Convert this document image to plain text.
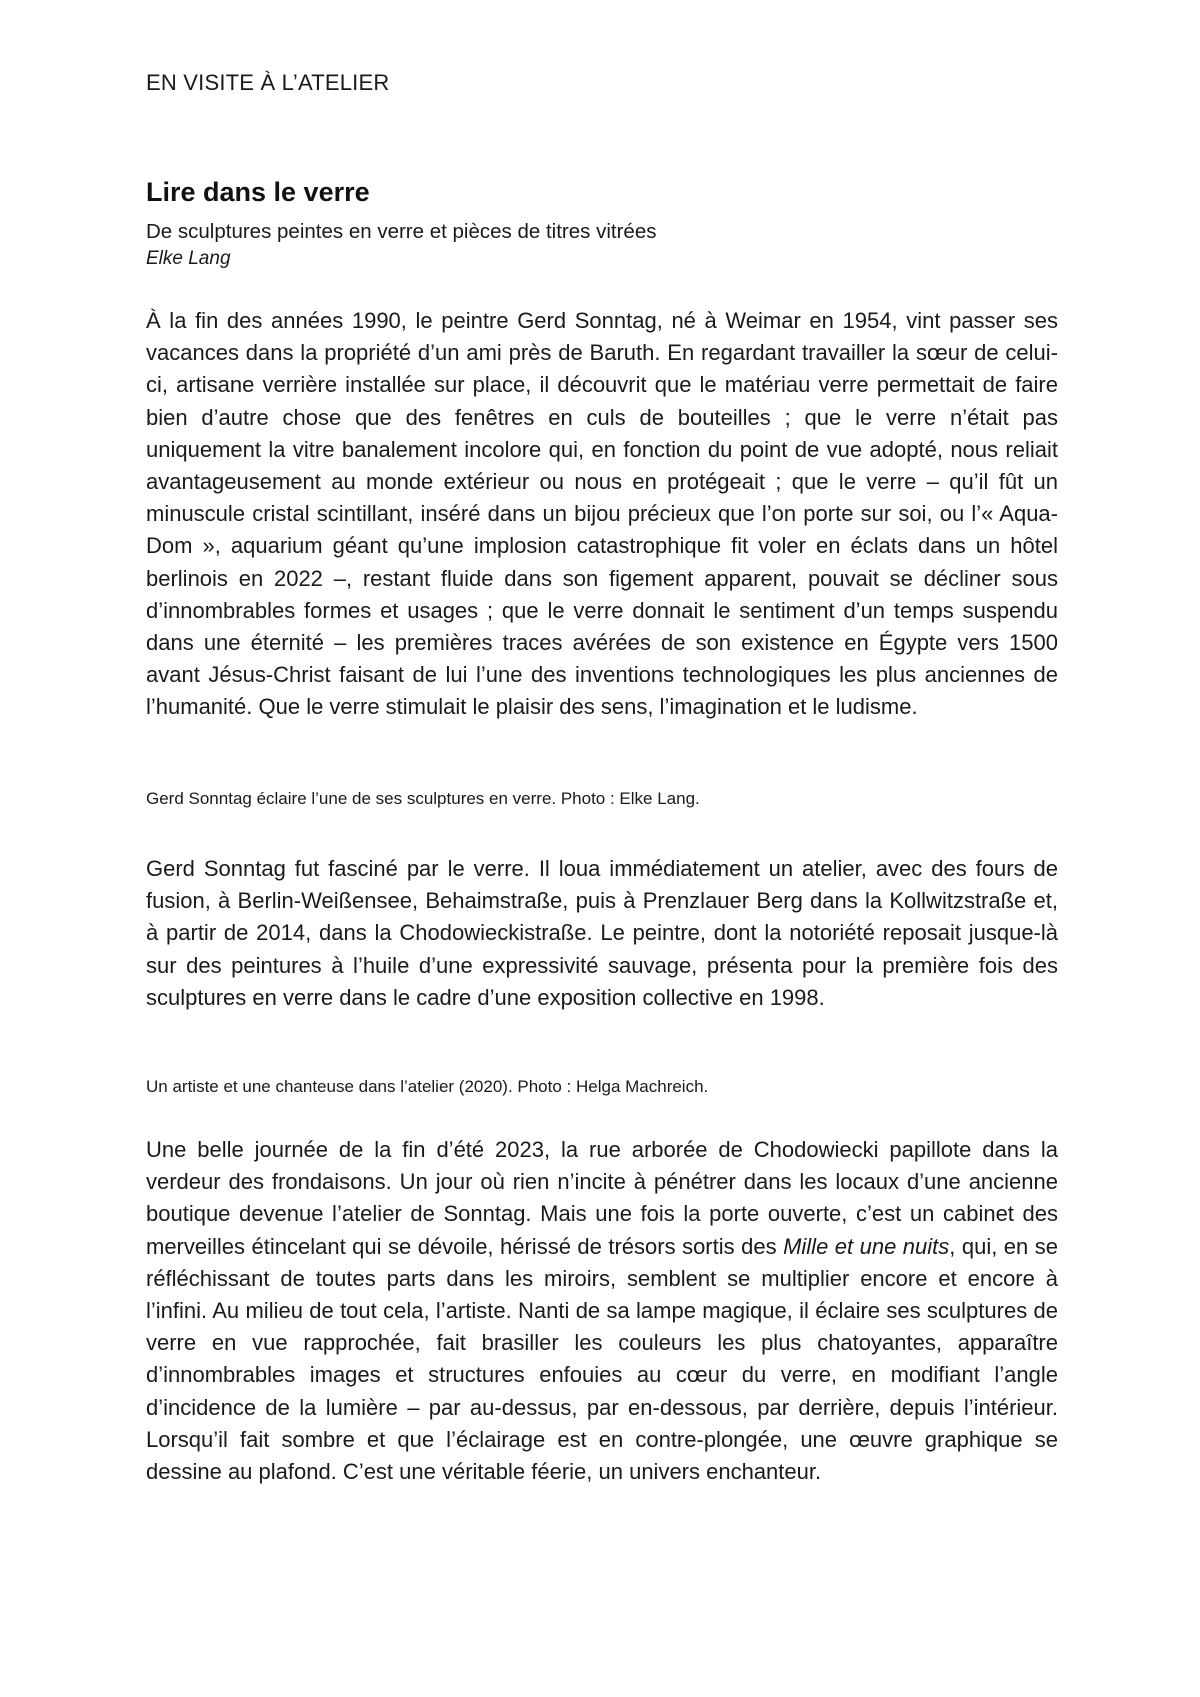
EN VISITE À L’ATELIER
Lire dans le verre

De sculptures peintes en verre et pièces de titres vitrées

Elke Lang

À la fin des années 1990, le peintre Gerd Sonntag, né à Weimar en 1954, vint passer ses vacances dans la propriété d’un ami près de Baruth. En regardant travailler la sœur de celui-ci, artisane verrière installée sur place, il découvrit que le matériau verre permettait de faire bien d’autre chose que des fenêtres en culs de bouteilles ; que le verre n’était pas uniquement la vitre banalement incolore qui, en fonction du point de vue adopté, nous reliait avantageusement au monde extérieur ou nous en protégeait ; que le verre – qu’il fût un minuscule cristal scintillant, inséré dans un bijou précieux que l’on porte sur soi, ou l’« Aqua-Dom », aquarium géant qu’une implosion catastrophique fit voler en éclats dans un hôtel berlinois en 2022 –, restant fluide dans son figement apparent, pouvait se décliner sous d’innombrables formes et usages ; que le verre donnait le sentiment d’un temps suspendu dans une éternité – les premières traces avérées de son existence en Égypte vers 1500 avant Jésus-Christ faisant de lui l’une des inventions technologiques les plus anciennes de l’humanité. Que le verre stimulait le plaisir des sens, l’imagination et le ludisme.

Gerd Sonntag éclaire l’une de ses sculptures en verre. Photo : Elke Lang.

Gerd Sonntag fut fasciné par le verre. Il loua immédiatement un atelier, avec des fours de fusion, à Berlin-Weißensee, Behaimstraße, puis à Prenzlauer Berg dans la Kollwitzstraße et, à partir de 2014, dans la Chodowieckistraße. Le peintre, dont la notoriété reposait jusque-là sur des peintures à l’huile d’une expressivité sauvage, présenta pour la première fois des sculptures en verre dans le cadre d’une exposition collective en 1998.

Un artiste et une chanteuse dans l’atelier (2020). Photo : Helga Machreich.

Une belle journée de la fin d’été 2023, la rue arborée de Chodowiecki papillote dans la verdeur des frondaisons. Un jour où rien n’incite à pénétrer dans les locaux d’une ancienne boutique devenue l’atelier de Sonntag. Mais une fois la porte ouverte, c’est un cabinet des merveilles étincelant qui se dévoile, hérissé de trésors sortis des Mille et une nuits, qui, en se réfléchissant de toutes parts dans les miroirs, semblent se multiplier encore et encore à l’infini. Au milieu de tout cela, l’artiste. Nanti de sa lampe magique, il éclaire ses sculptures de verre en vue rapprochée, fait brasiller les couleurs les plus chatoyantes, apparaître d’innombrables images et structures enfouies au cœur du verre, en modifiant l’angle d’incidence de la lumière – par au-dessus, par en-dessous, par derrière, depuis l’intérieur. Lorsqu’il fait sombre et que l’éclairage est en contre-plongée, une œuvre graphique se dessine au plafond. C’est une véritable féerie, un univers enchanteur.
